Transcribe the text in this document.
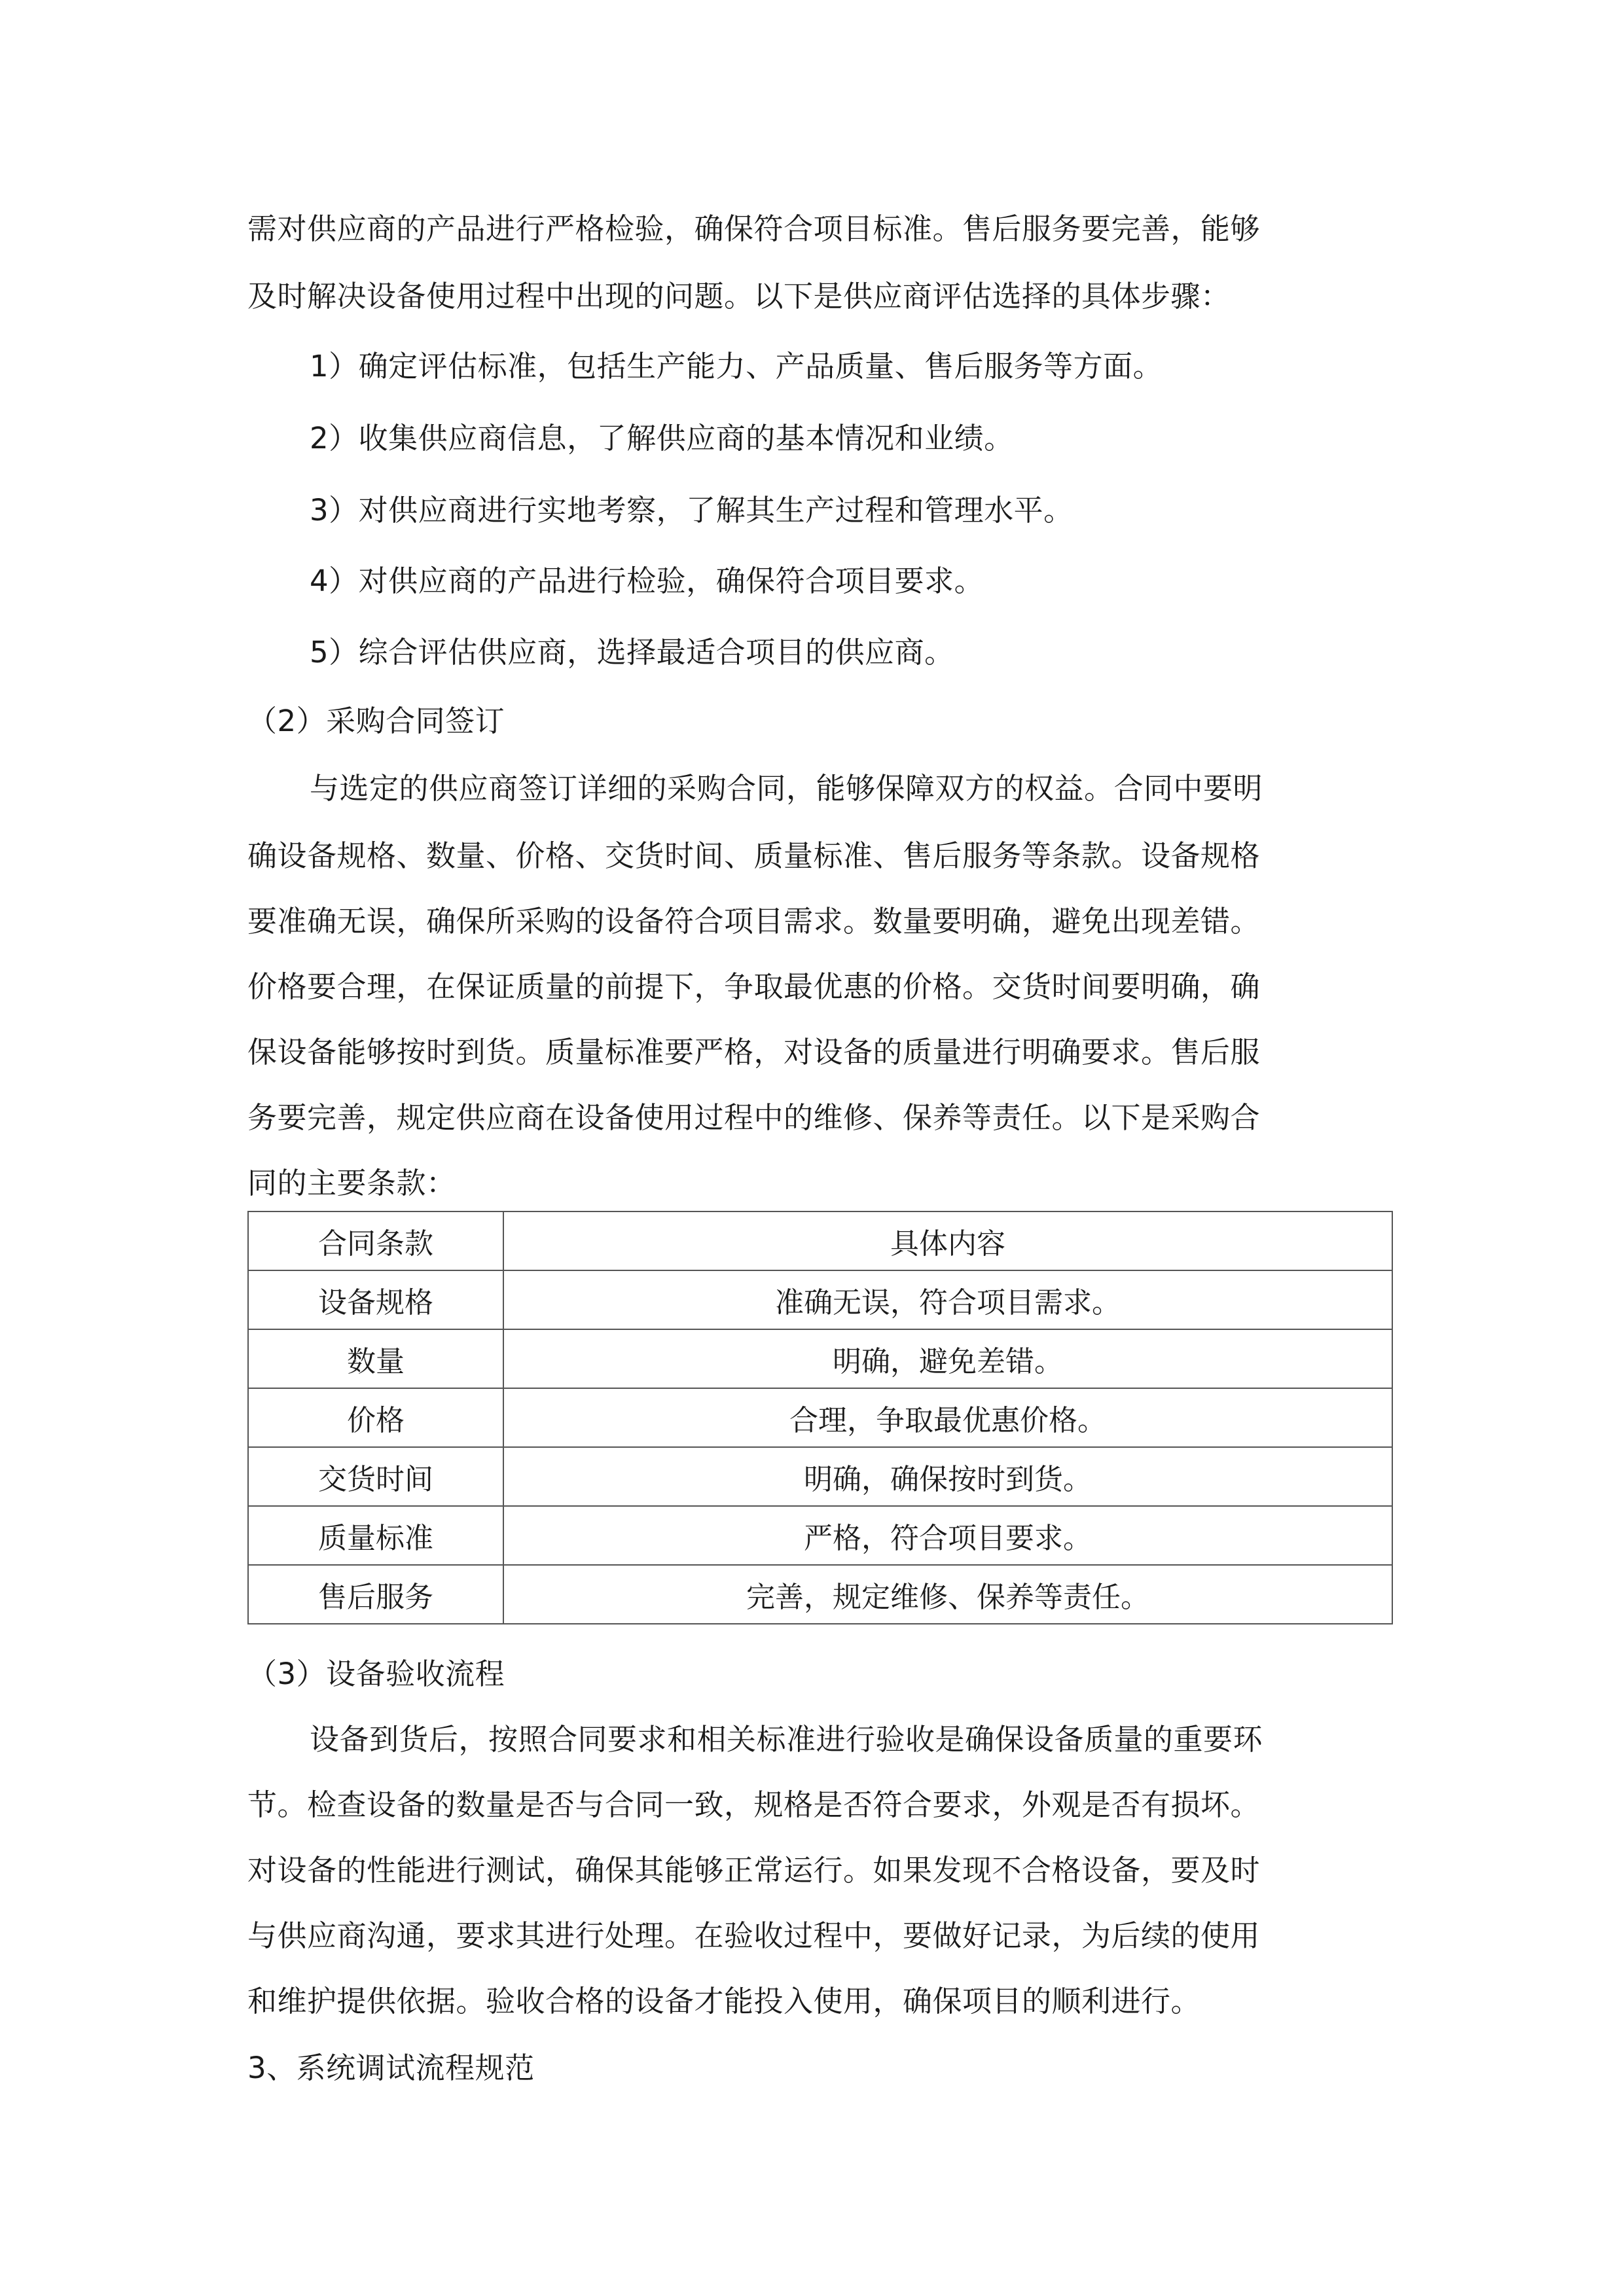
需对供应商的产品进行严格检验，确保符合项目标准。售后服务要完善，能够
及时解决设备使用过程中出现的问题。以下是供应商评估选择的具体步骤：
1）确定评估标准，包括生产能力、产品质量、售后服务等方面。
2）收集供应商信息，了解供应商的基本情况和业绩。
3）对供应商进行实地考察，了解其生产过程和管理水平。
4）对供应商的产品进行检验，确保符合项目要求。
5）综合评估供应商，选择最适合项目的供应商。
（2）采购合同签订
与选定的供应商签订详细的采购合同，能够保障双方的权益。合同中要明
确设备规格、数量、价格、交货时间、质量标准、售后服务等条款。设备规格
要准确无误，确保所采购的设备符合项目需求。数量要明确，避免出现差错。
价格要合理，在保证质量的前提下，争取最优惠的价格。交货时间要明确，确
保设备能够按时到货。质量标准要严格，对设备的质量进行明确要求。售后服
务要完善，规定供应商在设备使用过程中的维修、保养等责任。以下是采购合
同的主要条款：
合同条款	具体内容
设备规格	准确无误，符合项目需求。
数量	明确，避免差错。
价格	合理，争取最优惠价格。
交货时间	明确，确保按时到货。
质量标准	严格，符合项目要求。
售后服务	完善，规定维修、保养等责任。
（3）设备验收流程
设备到货后，按照合同要求和相关标准进行验收是确保设备质量的重要环
节。检查设备的数量是否与合同一致，规格是否符合要求，外观是否有损坏。
对设备的性能进行测试，确保其能够正常运行。如果发现不合格设备，要及时
与供应商沟通，要求其进行处理。在验收过程中，要做好记录，为后续的使用
和维护提供依据。验收合格的设备才能投入使用，确保项目的顺利进行。
3、系统调试流程规范
